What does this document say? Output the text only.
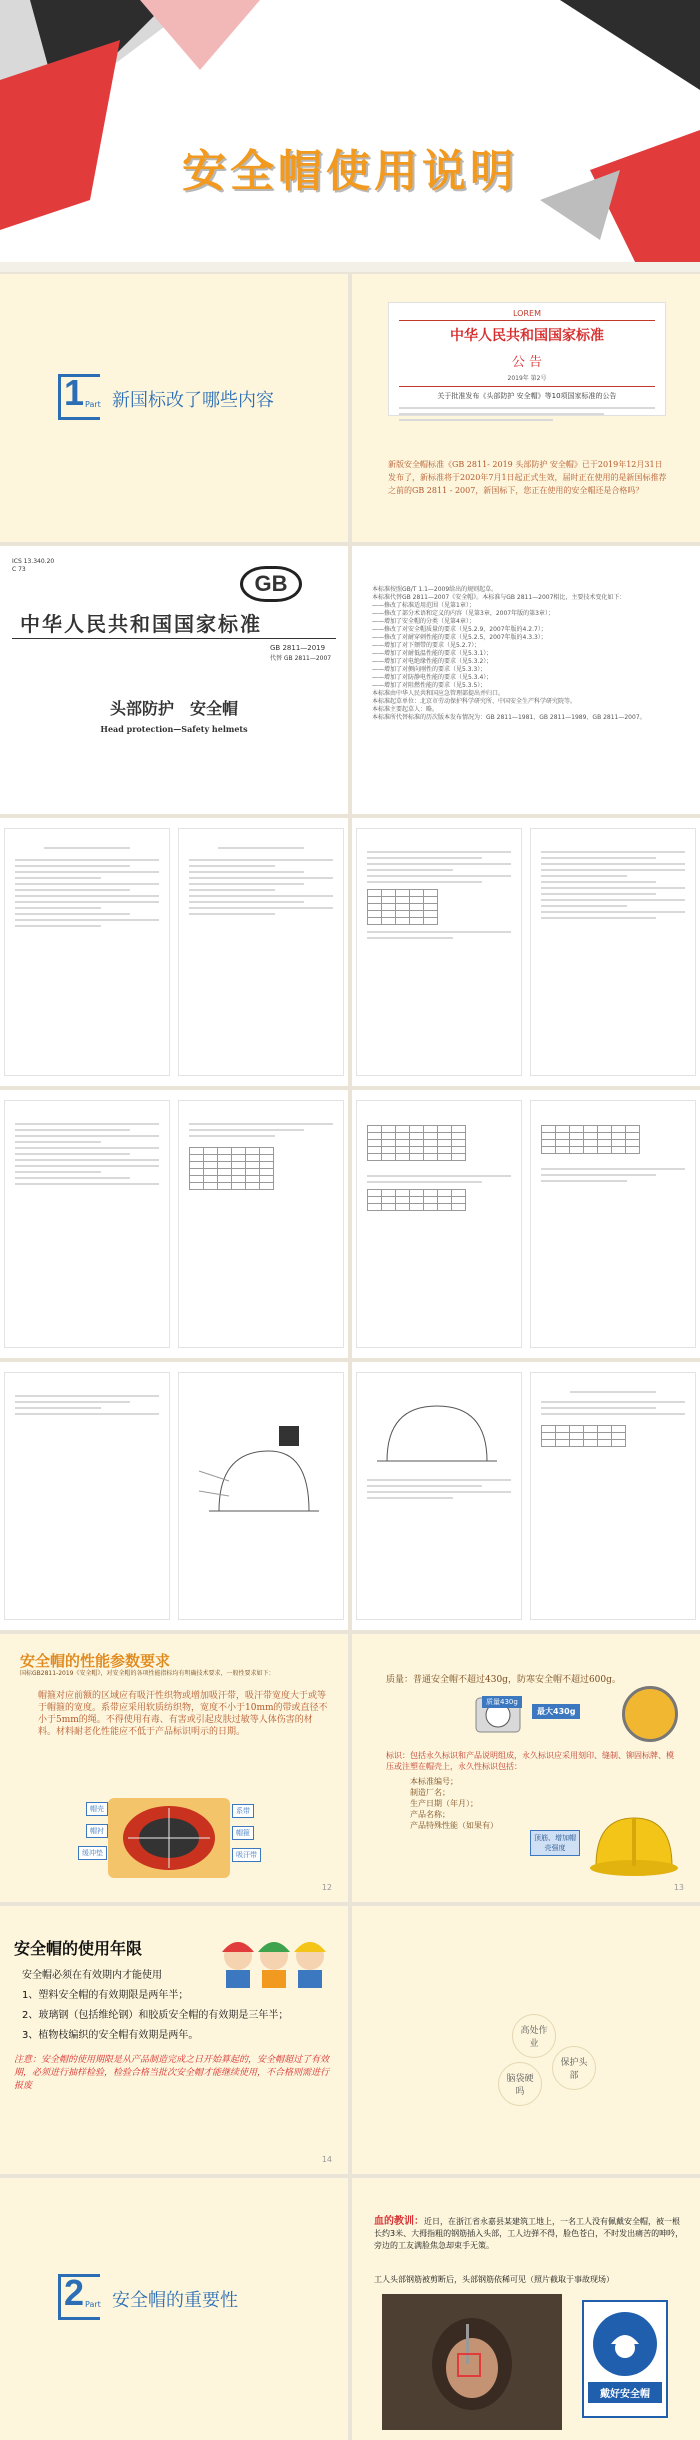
安全帽使用说明
1 Part 新国标改了哪些内容
LOREM
中华人民共和国国家标准
公 告
2019年 第2号
关于批准发布《头部防护 安全帽》等10项国家标准的公告
新版安全帽标准《GB 2811- 2019 头部防护 安全帽》已于2019年12月31日发布了，新标准将于2020年7月1日起正式生效，届时正在使用的是新国标推荐之前的GB 2811 - 2007，新国标下，您正在使用的安全帽还是合格吗？
ICS 13.340.20
C 73
GB
中华人民共和国国家标准
GB 2811—2019
代替 GB 2811—2007
头部防护　安全帽
Head protection—Safety helmets
本标准按照GB/T 1.1—2009给出的规则起草。
本标准代替GB 2811—2007《安全帽》。本标准与GB 2811—2007相比，主要技术变化如下：
——修改了标准适用范围（见第1章）；
——修改了部分术语和定义的内容（见第3章，2007年版的第3章）；
——增加了安全帽的分类（见第4章）；
——修改了对安全帽质量的要求（见5.2.9，2007年版的4.2.7）；
——修改了对耐穿刺性能的要求（见5.2.5，2007年版的4.3.3）；
——增加了对下颏带的要求（见5.2.7）；
——增加了对耐低温性能的要求（见5.3.1）；
——增加了对电绝缘性能的要求（见5.3.2）；
——增加了对侧向刚性的要求（见5.3.3）；
——增加了对防静电性能的要求（见5.3.4）；
——增加了对阻燃性能的要求（见5.3.5）；
本标准由中华人民共和国应急管理部提出并归口。
本标准起草单位：北京市劳动保护科学研究所、中国安全生产科学研究院等。
本标准主要起草人：略。
本标准所代替标准的历次版本发布情况为：GB 2811—1981、GB 2811—1989、GB 2811—2007。

安全帽的性能参数要求
国标GB2811-2019《安全帽》，对安全帽的各项性能指标均有明确技术要求，一般性要求如下：
帽箍对应前额的区域应有吸汗性织物或增加吸汗带，吸汗带宽度大于或等于帽箍的宽度。系带应采用软质纺织物，宽度不小于10mm的带或直径不小于5mm的绳。不得使用有毒、有害或引起皮肤过敏等人体伤害的材料。材料耐老化性能应不低于产品标识明示的日期。
帽壳
帽衬
缓冲垫
系带
帽箍
吸汗带
12
质量：普通安全帽不超过430g，防寒安全帽不超过600g。
质量430g
最大430g
标识：包括永久标识和产品说明组成，永久标识应采用刻印、缝制、铆固标牌、模压或注塑在帽壳上，永久性标识包括：
本标准编号；
制造厂名；
生产日期（年月）；
产品名称；
产品特殊性能（如果有）
顶筋、增加帽壳强度
13
安全帽的使用年限
安全帽必须在有效期内才能使用
1、塑料安全帽的有效期限是两年半；
2、玻璃钢（包括维纶钢）和胶质安全帽的有效期是三年半；
3、植物枝编织的安全帽有效期是两年。
注意：安全帽的使用期限是从产品制造完成之日开始算起的，安全帽超过了有效期，必须进行抽样检验，检验合格当批次安全帽才能继续使用，不合格则需进行报废
14
高处作业
保护头部
脑袋硬吗
2 Part 安全帽的重要性
血的教训：近日，在浙江省永嘉县某建筑工地上，一名工人没有佩戴安全帽，被一根长约3米、大拇指粗的钢筋插入头部，工人边弹不得，脸色苍白，不时发出痛苦的呻吟，旁边的工友满脸焦急却束手无策。
工人头部钢筋被剪断后，头部钢筋依稀可见（照片截取于事故现场）
戴好安全帽
